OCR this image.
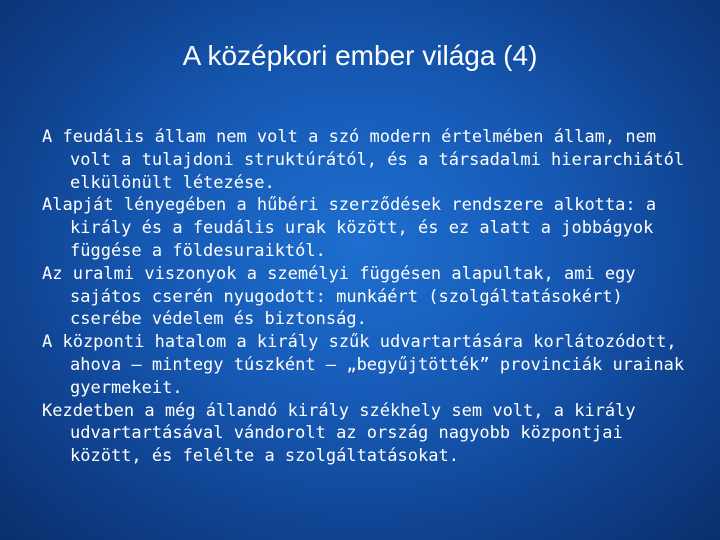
A középkori ember világa (4)
A feudális állam nem volt a szó modern értelmében állam, nem volt a tulajdoni struktúrától, és a társadalmi hierarchiától elkülönült létezése.
Alapját lényegében a hűbéri szerződések rendszere alkotta: a király és a feudális urak között, és ez alatt a jobbágyok függése a földesuraiktól.
Az uralmi viszonyok a személyi függésen alapultak, ami egy sajátos cserén nyugodott: munkáért (szolgáltatásokért) cserébe védelem és biztonság.
A központi hatalom a király szűk udvartartására korlátozódott, ahova – mintegy túszként – „begyűjtötték” provinciák urainak gyermekeit.
Kezdetben a még állandó király székhely sem volt, a király udvartartásával vándorolt az ország nagyobb központjai között, és felélte a szolgáltatásokat.
